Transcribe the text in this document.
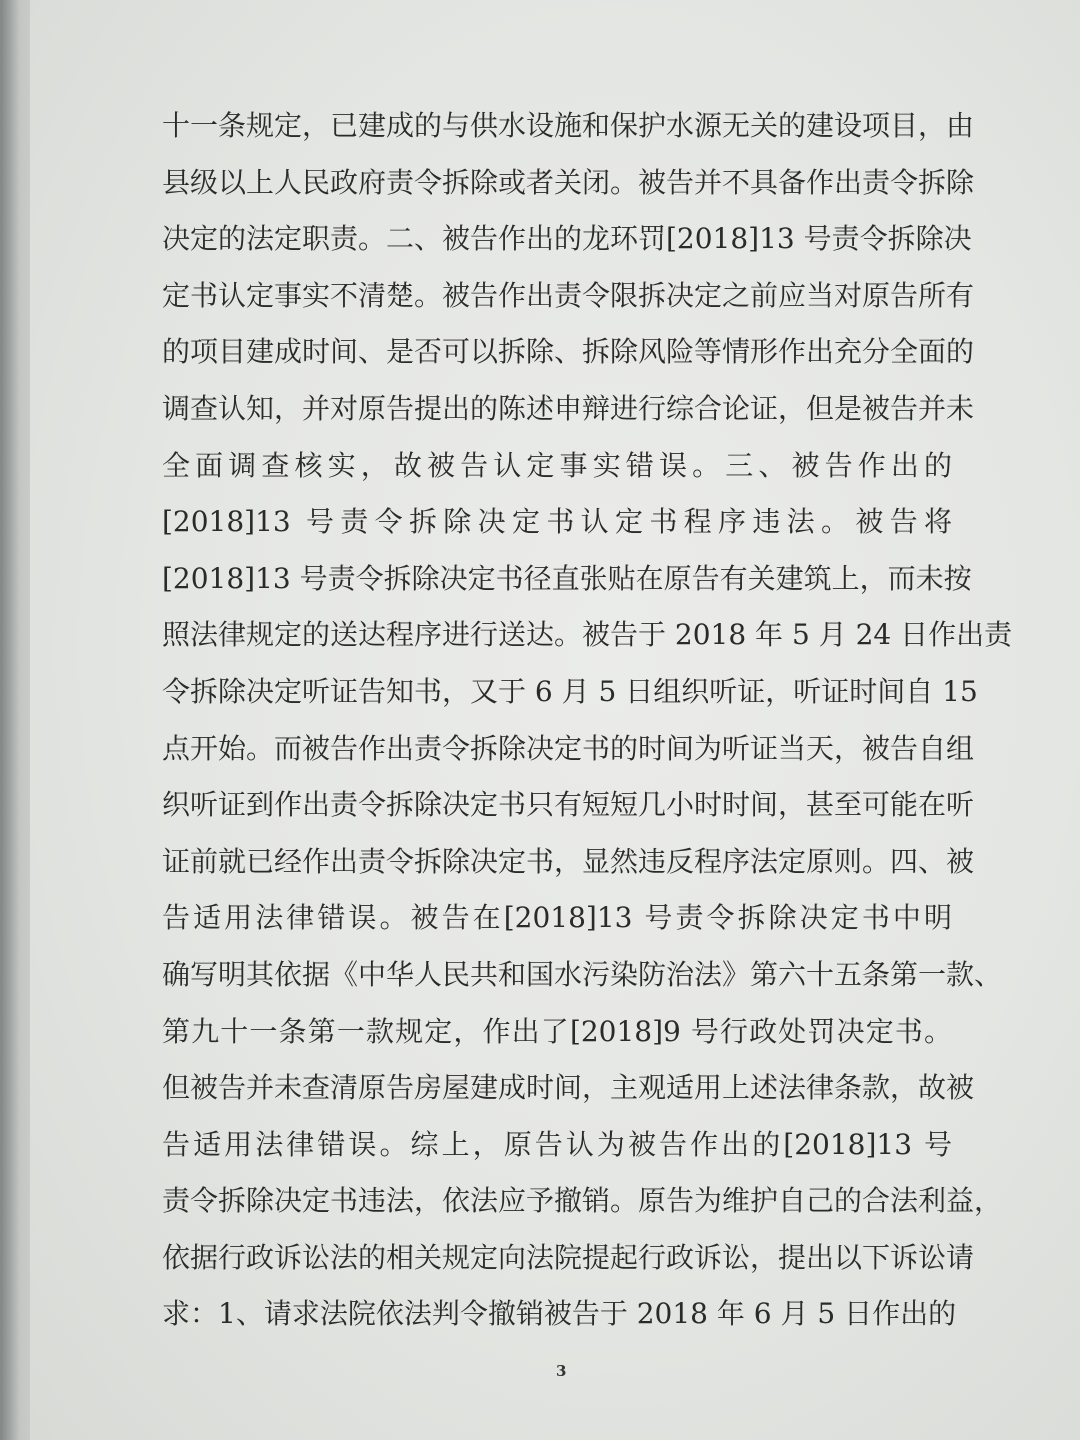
十一条规定，已建成的与供水设施和保护水源无关的建设项目，由
县级以上人民政府责令拆除或者关闭。被告并不具备作出责令拆除
决定的法定职责。二、被告作出的龙环罚[2018]13 号责令拆除决
定书认定事实不清楚。被告作出责令限拆决定之前应当对原告所有
的项目建成时间、是否可以拆除、拆除风险等情形作出充分全面的
调查认知，并对原告提出的陈述申辩进行综合论证，但是被告并未
全面调查核实，故被告认定事实错误。三、被告作出的
[2018]13 号责令拆除决定书认定书程序违法。被告将
[2018]13 号责令拆除决定书径直张贴在原告有关建筑上，而未按
照法律规定的送达程序进行送达。被告于 2018 年 5 月 24 日作出责
令拆除决定听证告知书，又于 6 月 5 日组织听证，听证时间自 15
点开始。而被告作出责令拆除决定书的时间为听证当天，被告自组
织听证到作出责令拆除决定书只有短短几小时时间，甚至可能在听
证前就已经作出责令拆除决定书，显然违反程序法定原则。四、被
告适用法律错误。被告在[2018]13 号责令拆除决定书中明
确写明其依据《中华人民共和国水污染防治法》第六十五条第一款、
第九十一条第一款规定，作出了[2018]9 号行政处罚决定书。
但被告并未查清原告房屋建成时间，主观适用上述法律条款，故被
告适用法律错误。综上，原告认为被告作出的[2018]13 号
责令拆除决定书违法，依法应予撤销。原告为维护自己的合法利益，
依据行政诉讼法的相关规定向法院提起行政诉讼，提出以下诉讼请
求：1、请求法院依法判令撤销被告于 2018 年 6 月 5 日作出的
3
